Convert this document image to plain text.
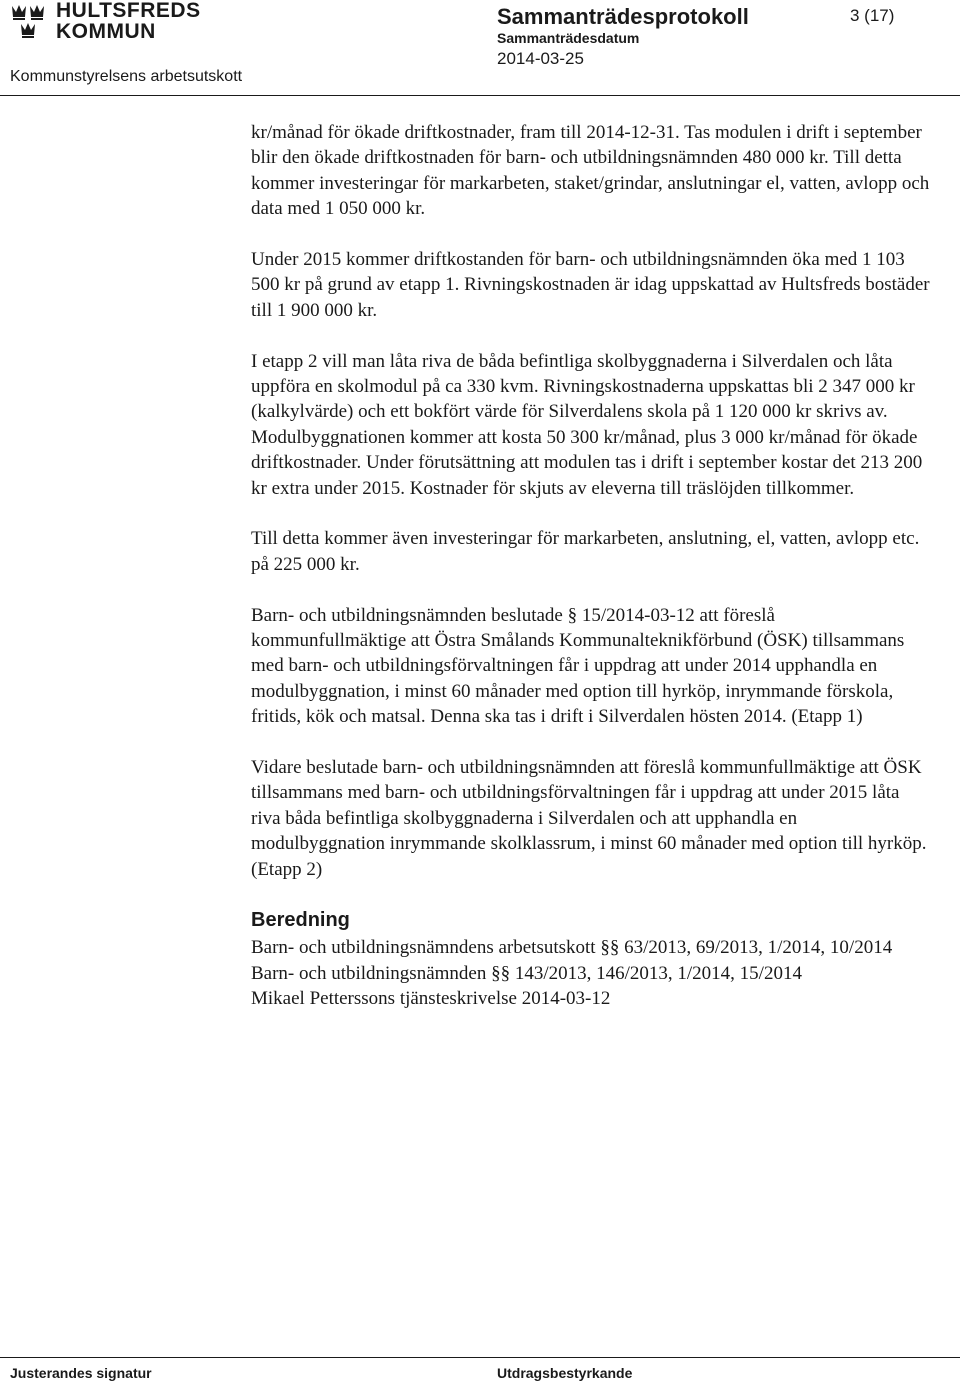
HULTSFREDS
KOMMUN
Kommunstyrelsens arbetsutskott
Sammanträdesprotokoll	3 (17)
Sammanträdesdatum
2014-03-25

kr/månad för ökade driftkostnader, fram till 2014-12-31. Tas modulen i drift i september blir den ökade driftkostnaden för barn- och utbildningsnämnden 480 000 kr. Till detta kommer investeringar för markarbeten, staket/grindar, anslutningar el, vatten, avlopp och data med 1 050 000 kr.

Under 2015 kommer driftkostanden för barn- och utbildningsnämnden öka med 1 103 500 kr på grund av etapp 1. Rivningskostnaden är idag uppskattad av Hultsfreds bostäder till 1 900 000 kr.

I etapp 2 vill man låta riva de båda befintliga skolbyggnaderna i Silverdalen och låta uppföra en skolmodul på ca 330 kvm. Rivningskostnaderna uppskattas bli 2 347 000 kr (kalkylvärde) och ett bokfört värde för Silverdalens skola på 1 120 000 kr skrivs av. Modulbyggnationen kommer att kosta 50 300 kr/månad, plus 3 000 kr/månad för ökade driftkostnader. Under förutsättning att modulen tas i drift i september kostar det 213 200 kr extra under 2015. Kostnader för skjuts av eleverna till träslöjden tillkommer.

Till detta kommer även investeringar för markarbeten, anslutning, el, vatten, avlopp etc. på 225 000 kr.

Barn- och utbildningsnämnden beslutade § 15/2014-03-12 att föreslå kommunfullmäktige att Östra Smålands Kommunalteknikförbund (ÖSK) tillsammans med barn- och utbildningsförvaltningen får i uppdrag att under 2014 upphandla en modulbyggnation, i minst 60 månader med option till hyrköp, inrymmande förskola, fritids, kök och matsal. Denna ska tas i drift i Silverdalen hösten 2014. (Etapp 1)

Vidare beslutade barn- och utbildningsnämnden att föreslå kommunfullmäktige att ÖSK tillsammans med barn- och utbildningsförvaltningen får i uppdrag att under 2015 låta riva båda befintliga skolbyggnaderna i Silverdalen och att upphandla en modulbyggnation inrymmande skolklassrum, i minst 60 månader med option till hyrköp. (Etapp 2)

Beredning

Barn- och utbildningsnämndens arbetsutskott §§ 63/2013, 69/2013, 1/2014, 10/2014

Barn- och utbildningsnämnden §§ 143/2013, 146/2013, 1/2014, 15/2014

Mikael Petterssons tjänsteskrivelse 2014-03-12

Justerandes signatur	Utdragsbestyrkande
